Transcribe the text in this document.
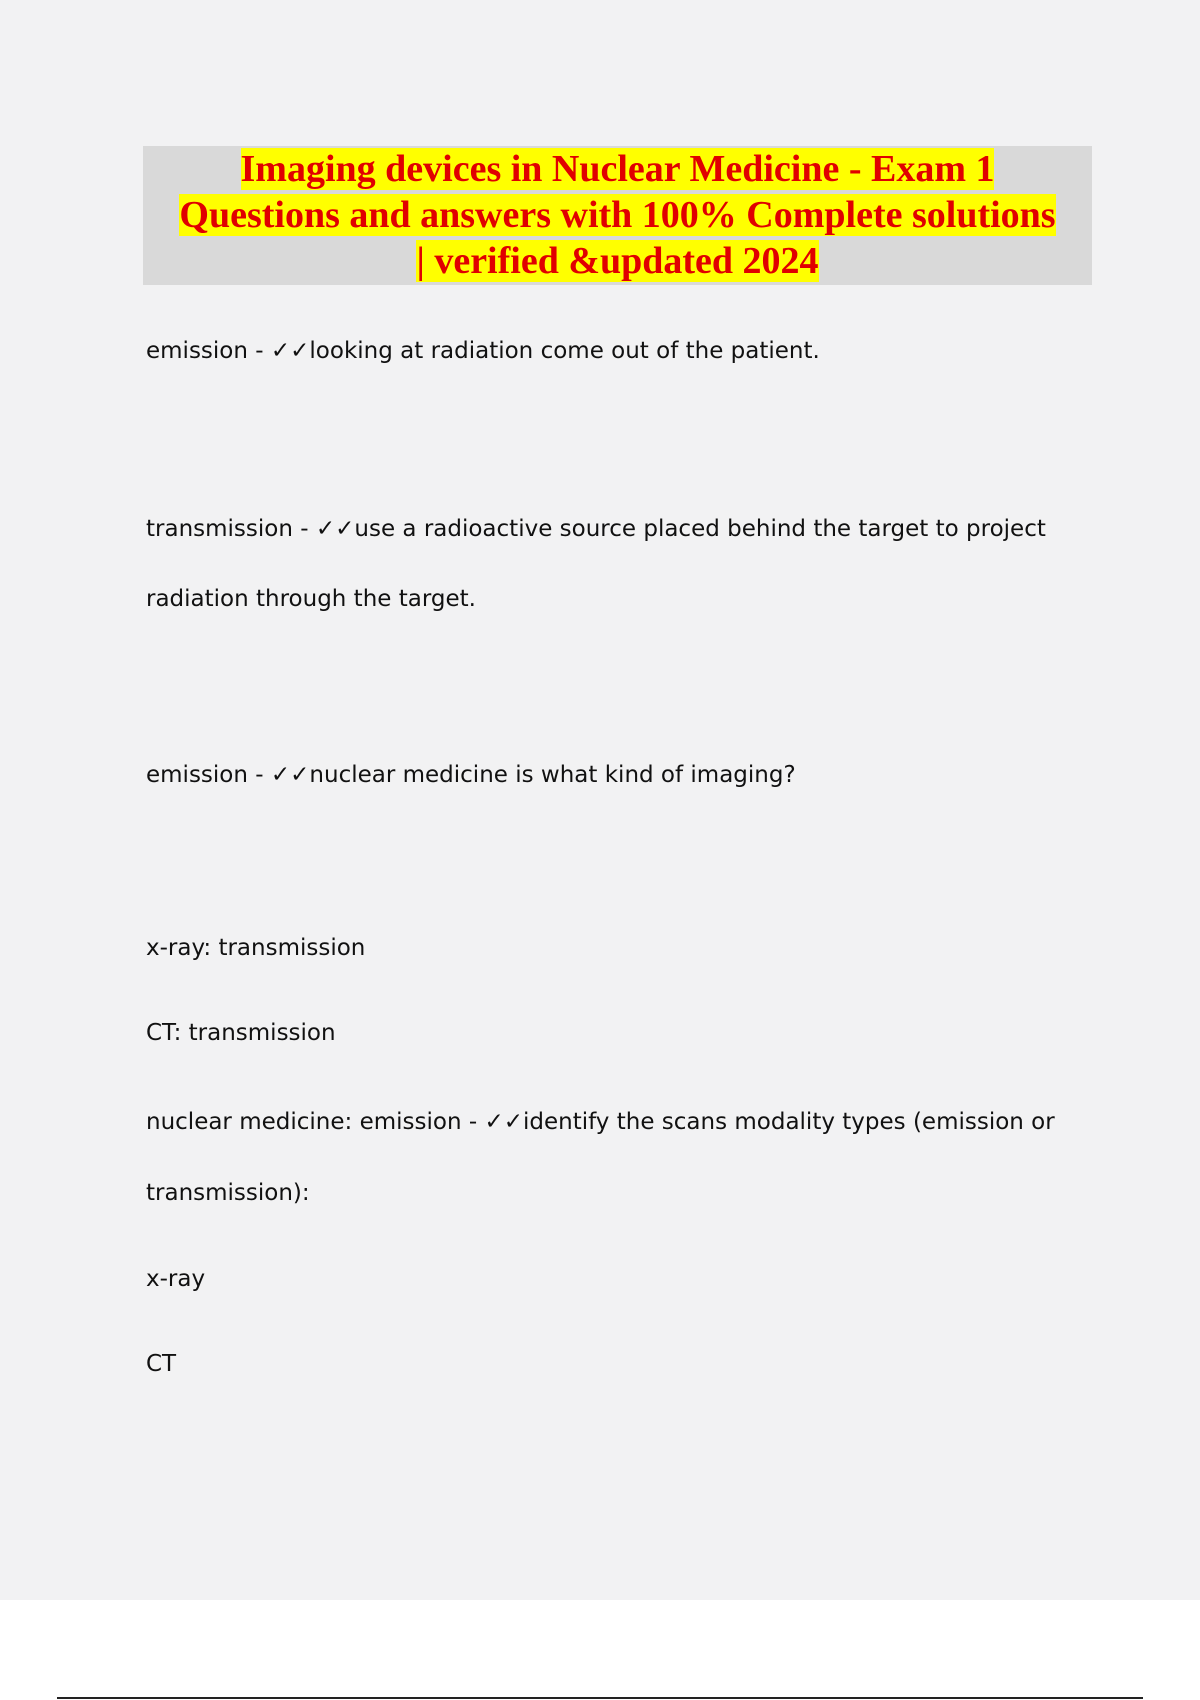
Imaging devices in Nuclear Medicine - Exam 1
Questions and answers with 100% Complete solutions
| verified &updated 2024

emission - ✓✓looking at radiation come out of the patient.

transmission - ✓✓use a radioactive source placed behind the target to project

radiation through the target.

emission - ✓✓nuclear medicine is what kind of imaging?

x-ray: transmission

CT: transmission

nuclear medicine: emission - ✓✓identify the scans modality types (emission or

transmission):

x-ray

CT
